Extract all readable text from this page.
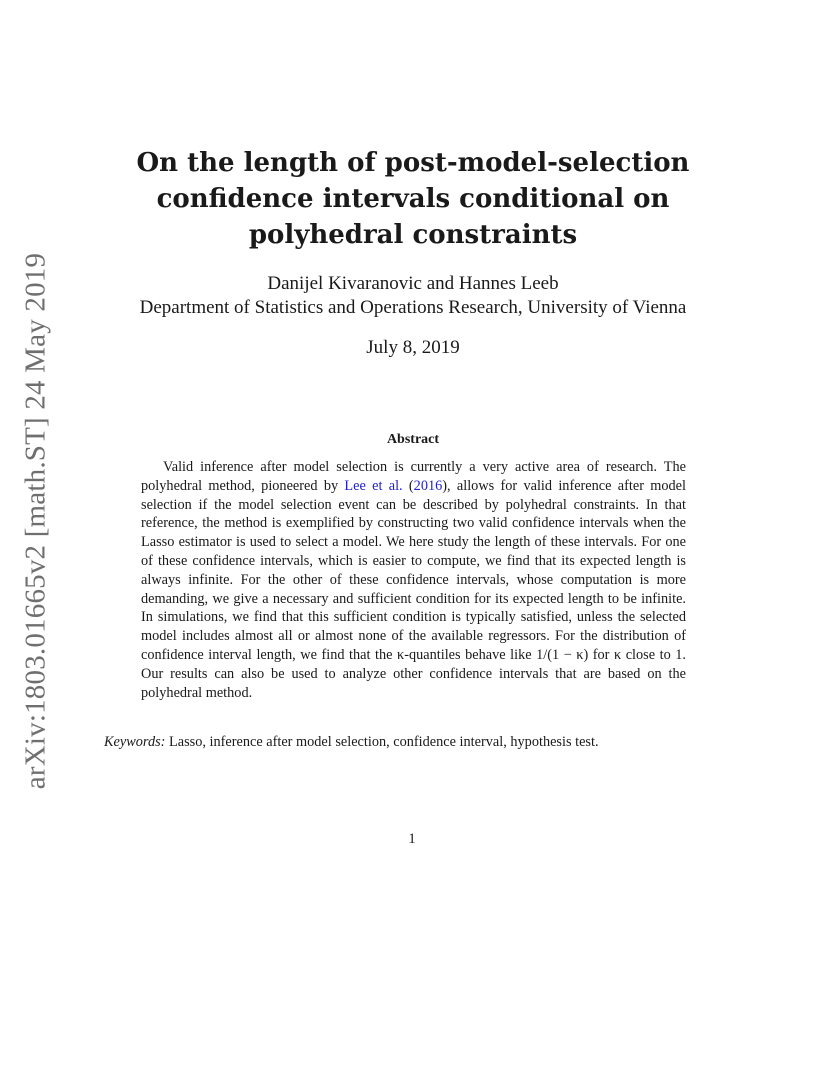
arXiv:1803.01665v2 [math.ST] 24 May 2019
On the length of post-model-selection
confidence intervals conditional on
polyhedral constraints
Danijel Kivaranovic and Hannes Leeb
Department of Statistics and Operations Research, University of Vienna
July 8, 2019
Abstract

Valid inference after model selection is currently a very active area of research. The polyhedral method, pioneered by Lee et al. (2016), allows for valid inference after model selection if the model selection event can be described by polyhedral constraints. In that reference, the method is exemplified by constructing two valid confidence intervals when the Lasso estimator is used to select a model. We here study the length of these intervals. For one of these confidence intervals, which is easier to compute, we find that its expected length is always infinite. For the other of these confidence intervals, whose computation is more demanding, we give a necessary and sufficient condition for its expected length to be infinite. In simulations, we find that this sufficient condition is typically satisfied, unless the selected model includes almost all or almost none of the available regressors. For the distribution of confidence interval length, we find that the κ-quantiles behave like 1/(1 − κ) for κ close to 1. Our results can also be used to analyze other confidence intervals that are based on the polyhedral method.

Keywords: Lasso, inference after model selection, confidence interval, hypothesis test.
1
